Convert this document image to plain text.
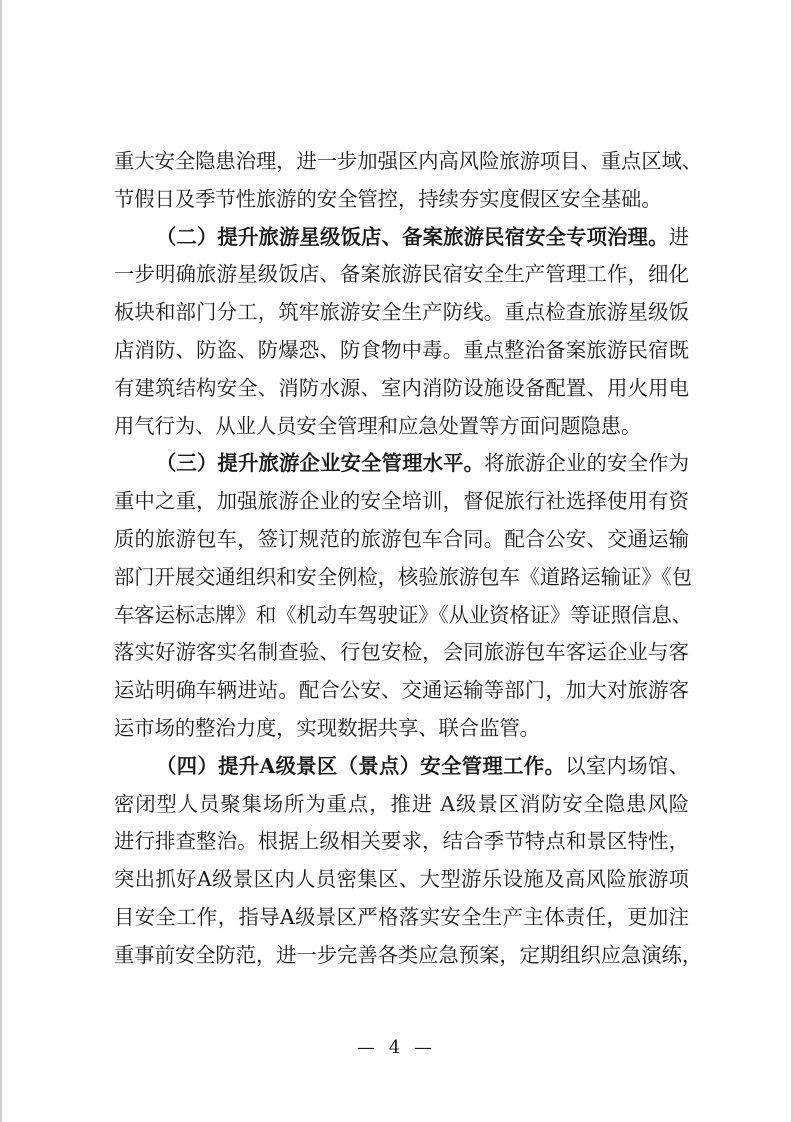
重大安全隐患治理，进一步加强区内高风险旅游项目、重点区域、
节假日及季节性旅游的安全管控，持续夯实度假区安全基础。
（二）提升旅游星级饭店、备案旅游民宿安全专项治理。进
一步明确旅游星级饭店、备案旅游民宿安全生产管理工作，细化
板块和部门分工，筑牢旅游安全生产防线。重点检查旅游星级饭
店消防、防盗、防爆恐、防食物中毒。重点整治备案旅游民宿既
有建筑结构安全、消防水源、室内消防设施设备配置、用火用电
用气行为、从业人员安全管理和应急处置等方面问题隐患。
（三）提升旅游企业安全管理水平。将旅游企业的安全作为
重中之重，加强旅游企业的安全培训，督促旅行社选择使用有资
质的旅游包车，签订规范的旅游包车合同。配合公安、交通运输
部门开展交通组织和安全例检，核验旅游包车《道路运输证》《包
车客运标志牌》和《机动车驾驶证》《从业资格证》等证照信息、
落实好游客实名制查验、行包安检，会同旅游包车客运企业与客
运站明确车辆进站。配合公安、交通运输等部门，加大对旅游客
运市场的整治力度，实现数据共享、联合监管。
（四）提升A级景区（景点）安全管理工作。以室内场馆、
密闭型人员聚集场所为重点，推进 A级景区消防安全隐患风险
进行排查整治。根据上级相关要求，结合季节特点和景区特性，
突出抓好A级景区内人员密集区、大型游乐设施及高风险旅游项
目安全工作，指导A级景区严格落实安全生产主体责任，更加注
重事前安全防范，进一步完善各类应急预案，定期组织应急演练，
— 4 —
